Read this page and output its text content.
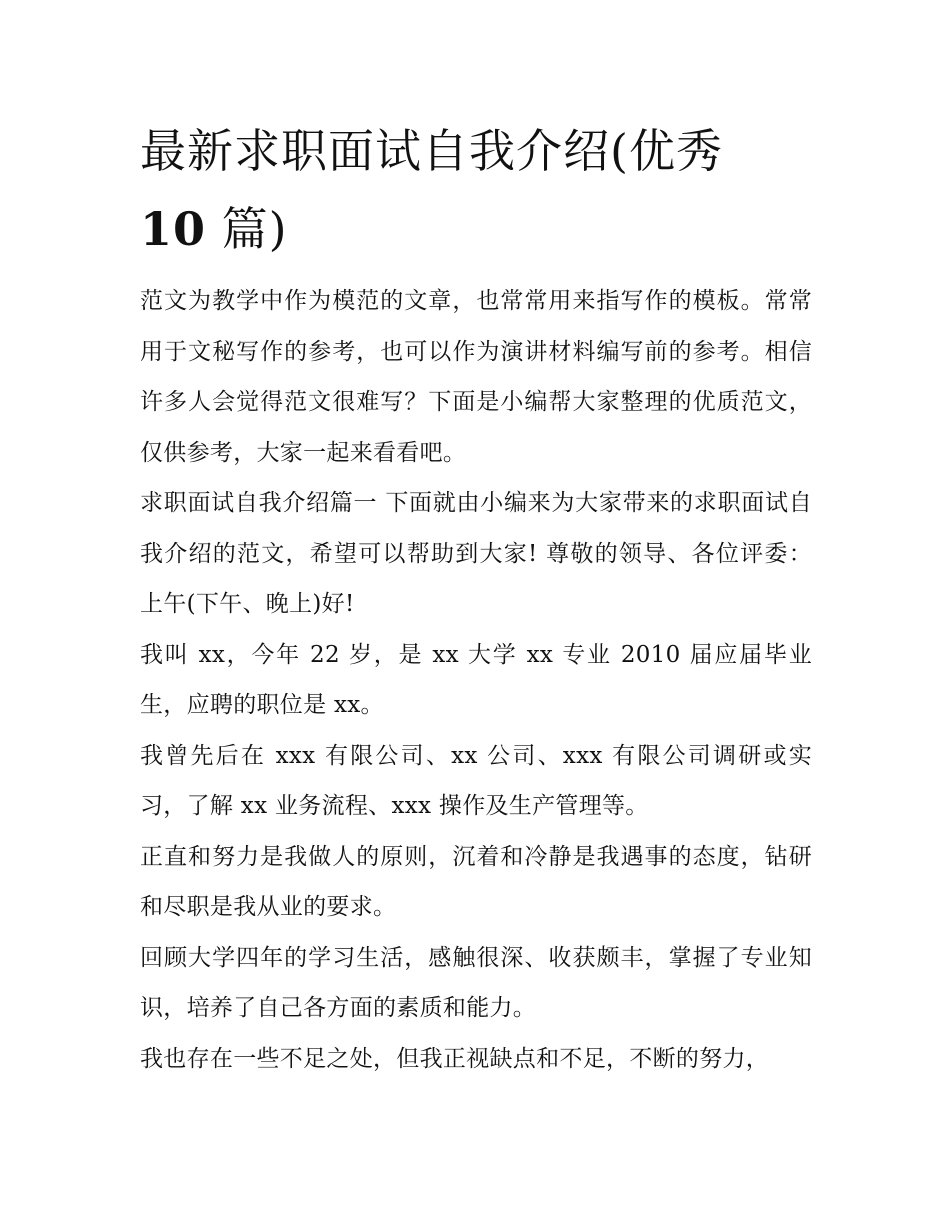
最新求职面试自我介绍(优秀
10 篇)

范文为教学中作为模范的文章，也常常用来指写作的模板。常常用于文秘写作的参考，也可以作为演讲材料编写前的参考。相信许多人会觉得范文很难写？下面是小编帮大家整理的优质范文，仅供参考，大家一起来看看吧。

求职面试自我介绍篇一 下面就由小编来为大家带来的求职面试自我介绍的范文，希望可以帮助到大家! 尊敬的领导、各位评委： 上午(下午、晚上)好!

我叫 xx，今年 22 岁，是 xx 大学 xx 专业 2010 届应届毕业生，应聘的职位是 xx。

我曾先后在 xxx 有限公司、xx 公司、xxx 有限公司调研或实习，了解 xx 业务流程、xxx 操作及生产管理等。

正直和努力是我做人的原则，沉着和冷静是我遇事的态度，钻研和尽职是我从业的要求。

回顾大学四年的学习生活，感触很深、收获颇丰，掌握了专业知识，培养了自己各方面的素质和能力。

我也存在一些不足之处，但我正视缺点和不足，不断的努力，
